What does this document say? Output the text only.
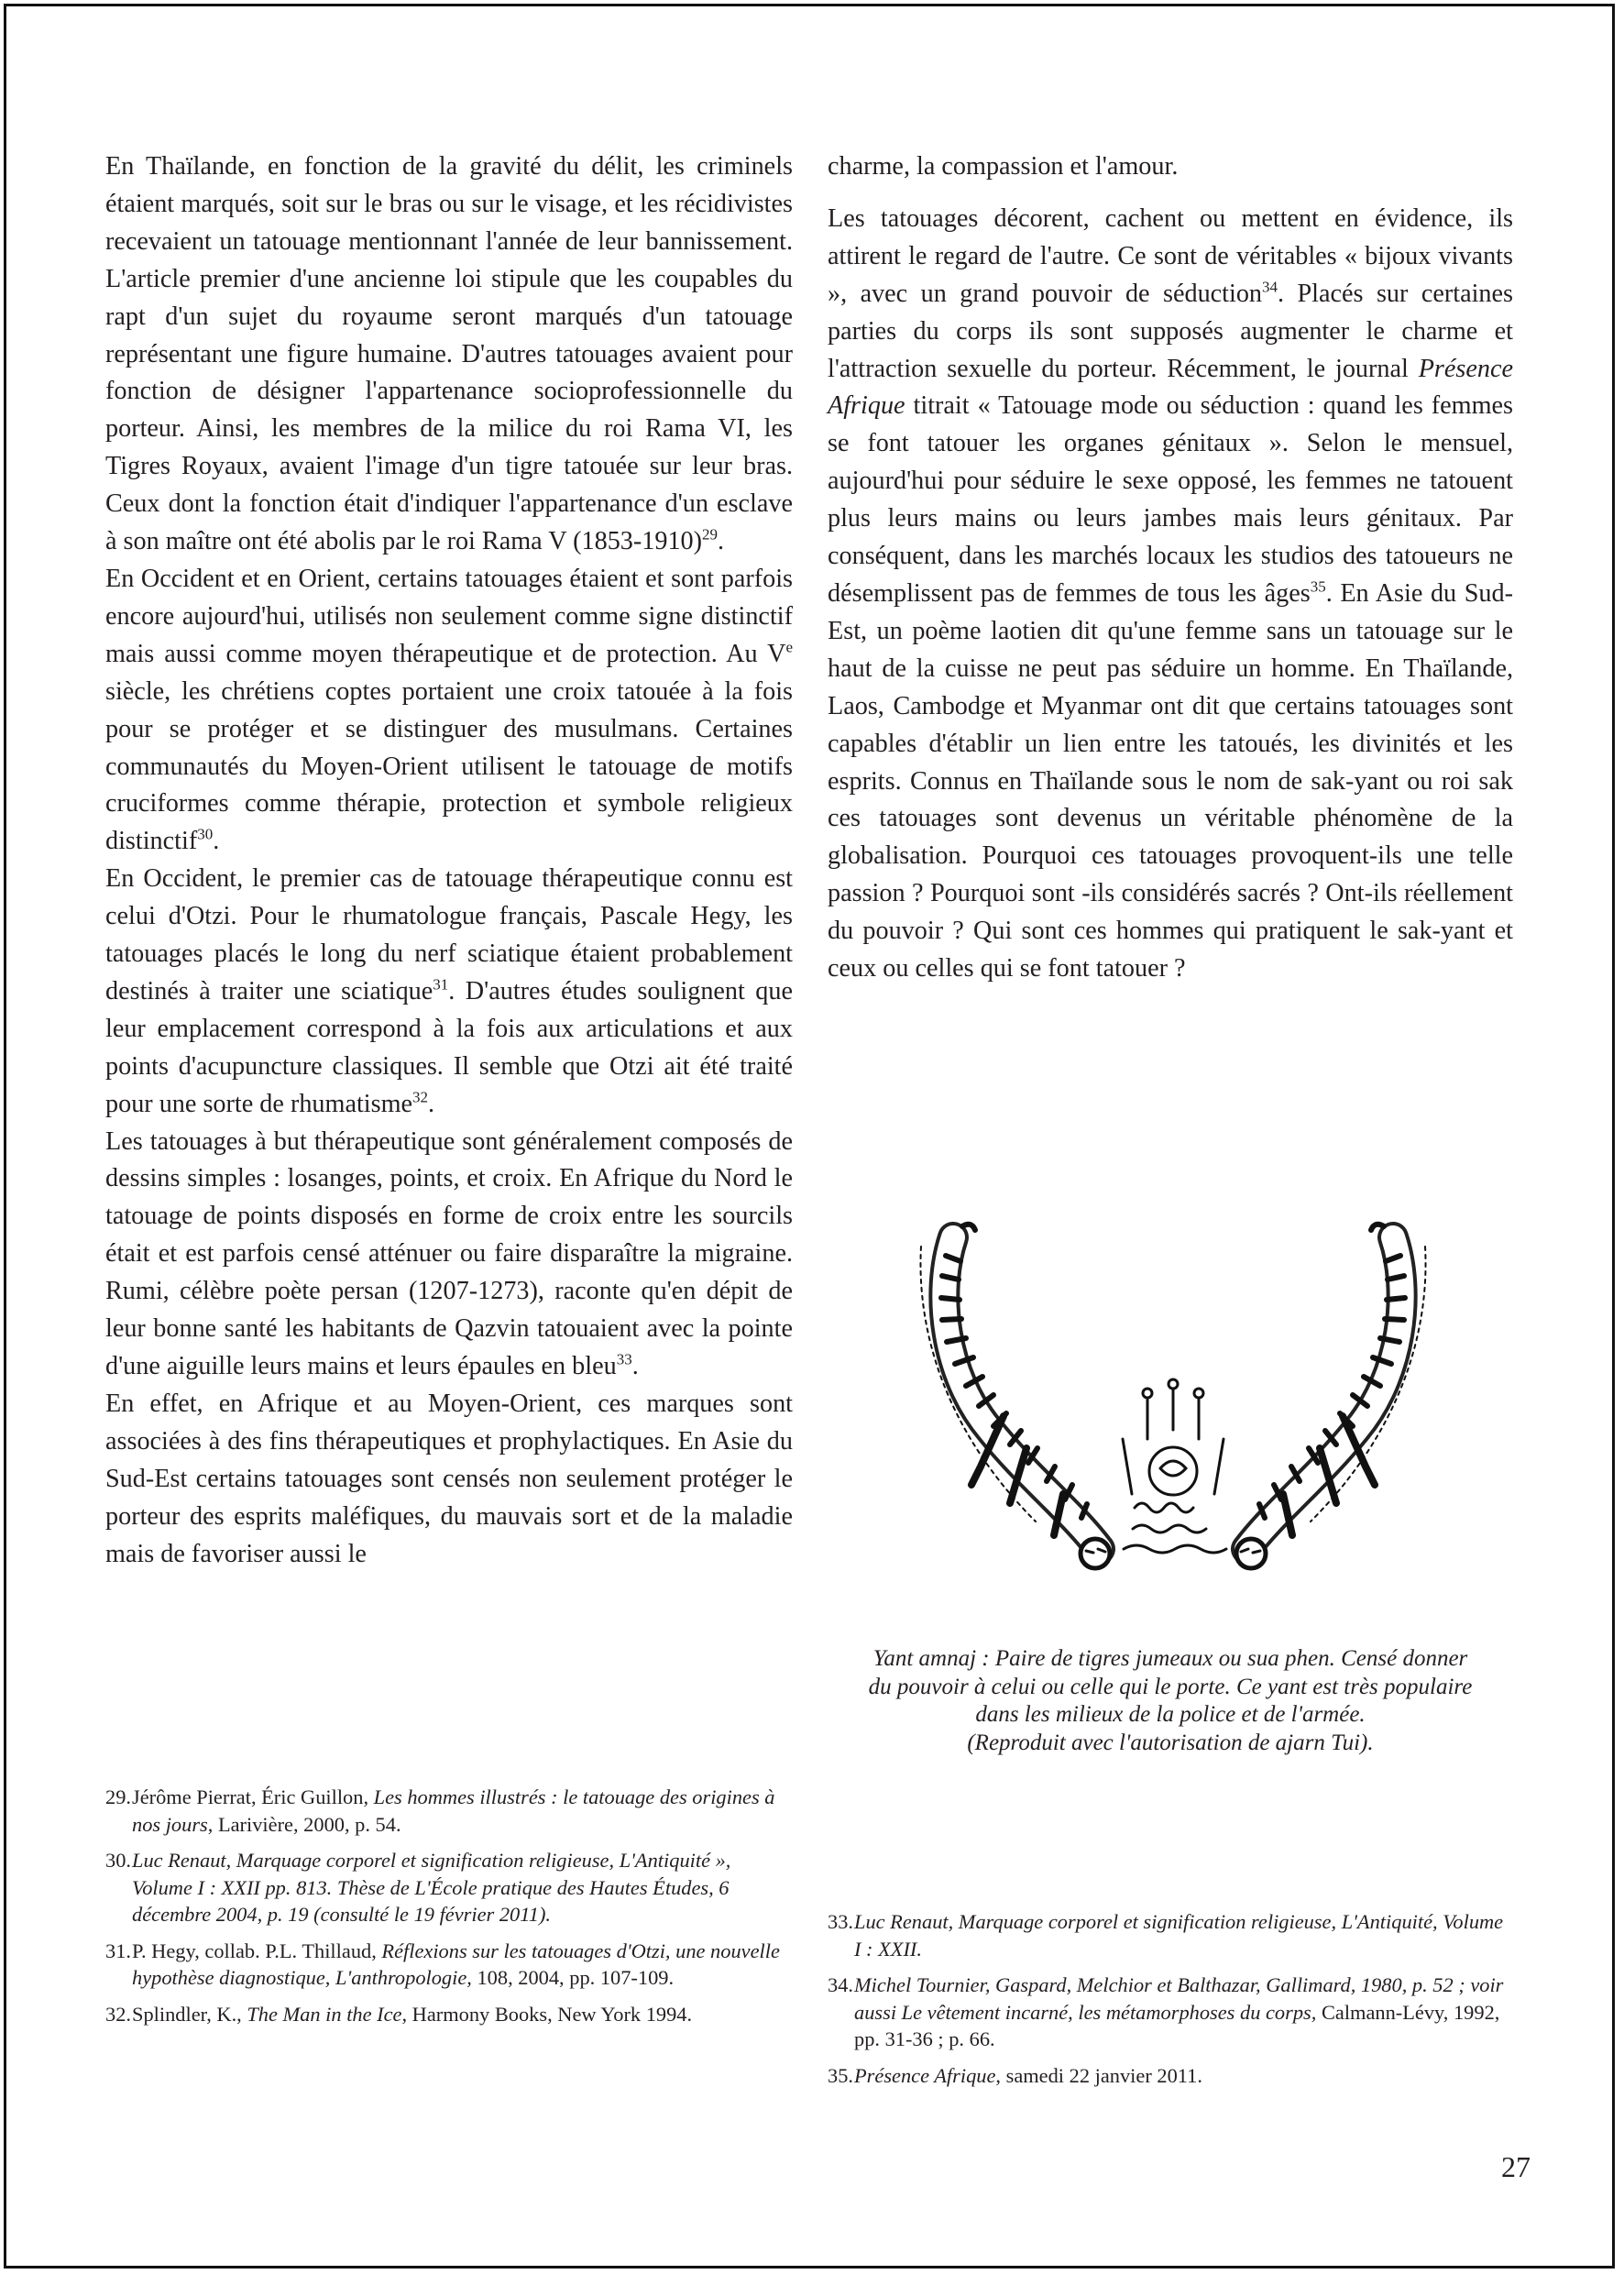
En Thaïlande, en fonction de la gravité du délit, les criminels étaient marqués, soit sur le bras ou sur le visage, et les récidivistes recevaient un tatouage mentionnant l'année de leur bannissement. L'article premier d'une ancienne loi stipule que les coupables du rapt d'un sujet du royaume seront marqués d'un tatouage représentant une figure humaine. D'autres tatouages avaient pour fonction de désigner l'appartenance socioprofessionnelle du porteur. Ainsi, les membres de la milice du roi Rama VI, les Tigres Royaux, avaient l'image d'un tigre tatouée sur leur bras. Ceux dont la fonction était d'indiquer l'appartenance d'un esclave à son maître ont été abolis par le roi Rama V (1853-1910)$^{29}$.

En Occident et en Orient, certains tatouages étaient et sont parfois encore aujourd'hui, utilisés non seulement comme signe distinctif mais aussi comme moyen thérapeutique et de protection. Au Ve siècle, les chrétiens coptes portaient une croix tatouée à la fois pour se protéger et se distinguer des musulmans. Certaines communautés du Moyen-Orient utilisent le tatouage de motifs cruciformes comme thérapie, protection et symbole religieux distinctif$^{30}$.

En Occident, le premier cas de tatouage thérapeutique connu est celui d'Otzi. Pour le rhumatologue français, Pascale Hegy, les tatouages placés le long du nerf sciatique étaient probablement destinés à traiter une sciatique$^{31}$. D'autres études soulignent que leur emplacement correspond à la fois aux articulations et aux points d'acupuncture classiques. Il semble que Otzi ait été traité pour une sorte de rhumatisme$^{32}$.

Les tatouages à but thérapeutique sont généralement composés de dessins simples : losanges, points, et croix. En Afrique du Nord le tatouage de points disposés en forme de croix entre les sourcils était et est parfois censé atténuer ou faire disparaître la migraine. Rumi, célèbre poète persan (1207-1273), raconte qu'en dépit de leur bonne santé les habitants de Qazvin tatouaient avec la pointe d'une aiguille leurs mains et leurs épaules en bleu$^{33}$.

En effet, en Afrique et au Moyen-Orient, ces marques sont associées à des fins thérapeutiques et prophylactiques. En Asie du Sud-Est certains tatouages sont censés non seulement protéger le porteur des esprits maléfiques, du mauvais sort et de la maladie mais de favoriser aussi le

charme, la compassion et l'amour.

Les tatouages décorent, cachent ou mettent en évidence, ils attirent le regard de l'autre. Ce sont de véritables « bijoux vivants », avec un grand pouvoir de séduction$^{34}$. Placés sur certaines parties du corps ils sont supposés augmenter le charme et l'attraction sexuelle du porteur. Récemment, le journal Présence Afrique titrait « Tatouage mode ou séduction : quand les femmes se font tatouer les organes génitaux ». Selon le mensuel, aujourd'hui pour séduire le sexe opposé, les femmes ne tatouent plus leurs mains ou leurs jambes mais leurs génitaux. Par conséquent, dans les marchés locaux les studios des tatoueurs ne désemplissent pas de femmes de tous les âges$^{35}$. En Asie du Sud-Est, un poème laotien dit qu'une femme sans un tatouage sur le haut de la cuisse ne peut pas séduire un homme. En Thaïlande, Laos, Cambodge et Myanmar ont dit que certains tatouages sont capables d'établir un lien entre les tatoués, les divinités et les esprits. Connus en Thaïlande sous le nom de sak-yant ou roi sak ces tatouages sont devenus un véritable phénomène de la globalisation. Pourquoi ces tatouages provoquent-ils une telle passion ? Pourquoi sont -ils considérés sacrés ? Ont-ils réellement du pouvoir ? Qui sont ces hommes qui pratiquent le sak-yant et ceux ou celles qui se font tatouer ?

Yant amnaj : Paire de tigres jumeaux ou sua phen. Censé donner
du pouvoir à celui ou celle qui le porte. Ce yant est très populaire
dans les milieux de la police et de l'armée.
(Reproduit avec l'autorisation de ajarn Tui).

29.Jérôme Pierrat, Éric Guillon, Les hommes illustrés : le tatouage des origines à nos jours, Larivière, 2000, p. 54.

30.Luc Renaut, Marquage corporel et signification religieuse, L'Antiquité », Volume I : XXII pp. 813. Thèse de L'École pratique des Hautes Études, 6 décembre 2004, p. 19 (consulté le 19 février 2011).

31.P. Hegy, collab. P.L. Thillaud, Réflexions sur les tatouages d'Otzi, une nouvelle hypothèse diagnostique, L'anthropologie, 108, 2004, pp. 107-109.

32.Splindler, K., The Man in the Ice, Harmony Books, New York 1994.

33.Luc Renaut, Marquage corporel et signification religieuse, L'Antiquité, Volume I : XXII.

34.Michel Tournier, Gaspard, Melchior et Balthazar, Gallimard, 1980, p. 52 ; voir aussi Le vêtement incarné, les métamorphoses du corps, Calmann-Lévy, 1992, pp. 31-36 ; p. 66.

35.Présence Afrique, samedi 22 janvier 2011.

27
